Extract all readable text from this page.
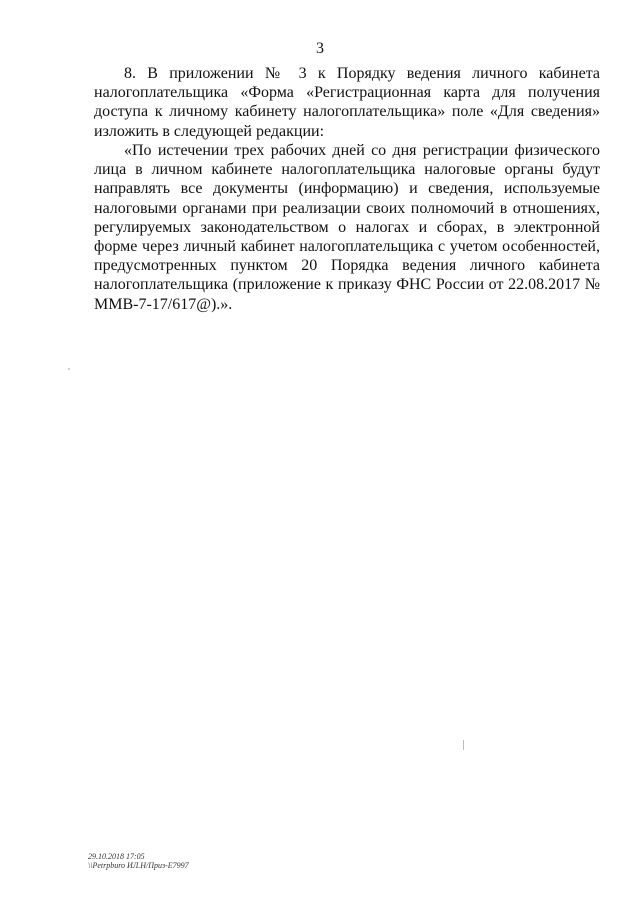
3

8. В приложении № 3 к Порядку ведения личного кабинета налогоплательщика «Форма «Регистрационная карта для получения доступа к личному кабинету налогоплательщика» поле «Для сведения» изложить в следующей редакции:

«По истечении трех рабочих дней со дня регистрации физического лица в личном кабинете налогоплательщика налоговые органы будут направлять все документы (информацию) и сведения, используемые налоговыми органами при реализации своих полномочий в отношениях, регулируемых законодательством о налогах и сборах, в электронной форме через личный кабинет налогоплательщика с учетом особенностей, предусмотренных пунктом 20 Порядка ведения личного кабинета налогоплательщика (приложение к приказу ФНС России от 22.08.2017 № ММВ-7-17/617@).».

29.10.2018 17:05
\\Petrpburo ИЛ.Н/Приз-Е7997
